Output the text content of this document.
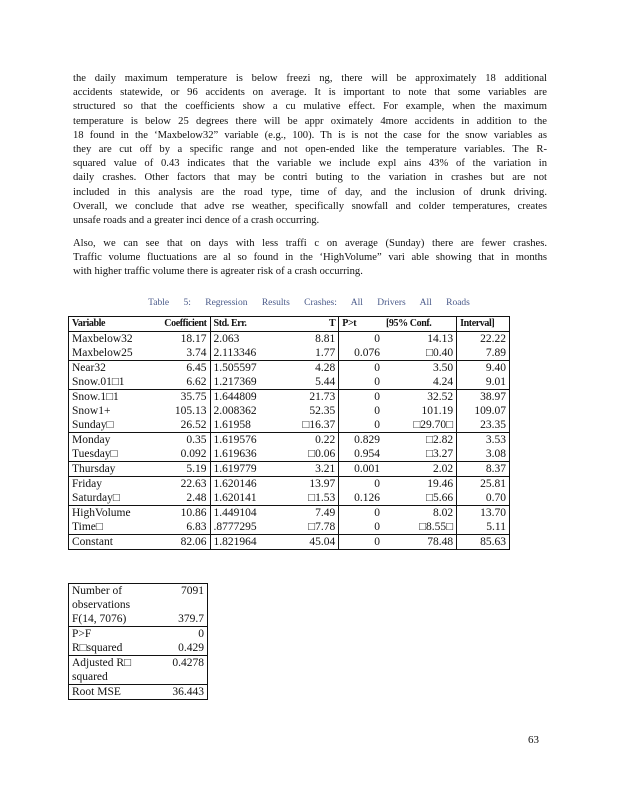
the daily maximum temperature is below freezi ng, there will be approximately 18 additional
accidents statewide, or 96 accidents on average. It is important to note that some variables are
structured so that the coefficients show a cu mulative effect. For example, when the maximum
temperature is below 25 degrees there will be appr oximately 4more accidents in addition to the
18 found in the ‘Maxbelow32” variable (e.g., 100). Th is is not the case for the snow variables as
they are cut off by a specific range and not open-ended like the temperature variables. The R-
squared value of 0.43 indicates that the variable we include expl ains 43% of the variation in
daily crashes. Other factors that may be contri buting to the variation in crashes but are not
included in this analysis are the road type, time of day, and the inclusion of drunk driving.
Overall, we conclude that adve rse weather, specifically snowfall and colder temperatures, creates
unsafe roads and a greater inci dence of a crash occurring.
Also, we can see that on days with less traffi c on average (Sunday) there are fewer crashes.
Traffic volume fluctuations are al so found in the ‘HighVolume” vari able showing that in months
with higher traffic volume there is agreater risk of a crash occurring.
Table 5: Regression Results Crashes: All Drivers All Roads
Variable	Coefficient	Std. Err.	T	P>t	[95% Conf.	Interval]
Maxbelow32	18.17	2.063	8.81	0	14.13	22.22
Maxbelow25	3.74	2.113346	1.77	0.076	□0.40	7.89
Near32	6.45	1.505597	4.28	0	3.50	9.40
Snow.01□1	6.62	1.217369	5.44	0	4.24	9.01
Snow.1□1	35.75	1.644809	21.73	0	32.52	38.97
Snow1+	105.13	2.008362	52.35	0	101.19	109.07
Sunday□	26.52	1.61958	□16.37	0	□29.70□	23.35
Monday	0.35	1.619576	0.22	0.829	□2.82	3.53
Tuesday□	0.092	1.619636	□0.06	0.954	□3.27	3.08
Thursday	5.19	1.619779	3.21	0.001	2.02	8.37
Friday	22.63	1.620146	13.97	0	19.46	25.81
Saturday□	2.48	1.620141	□1.53	0.126	□5.66	0.70
HighVolume	10.86	1.449104	7.49	0	8.02	13.70
Time□	6.83	.8777295	□7.78	0	□8.55□	5.11
Constant	82.06	1.821964	45.04	0	78.48	85.63
Number of observations	7091
F(14, 7076)	379.7
P>F	0
R□squared	0.429
Adjusted R□ squared	0.4278
Root MSE	36.443
63
